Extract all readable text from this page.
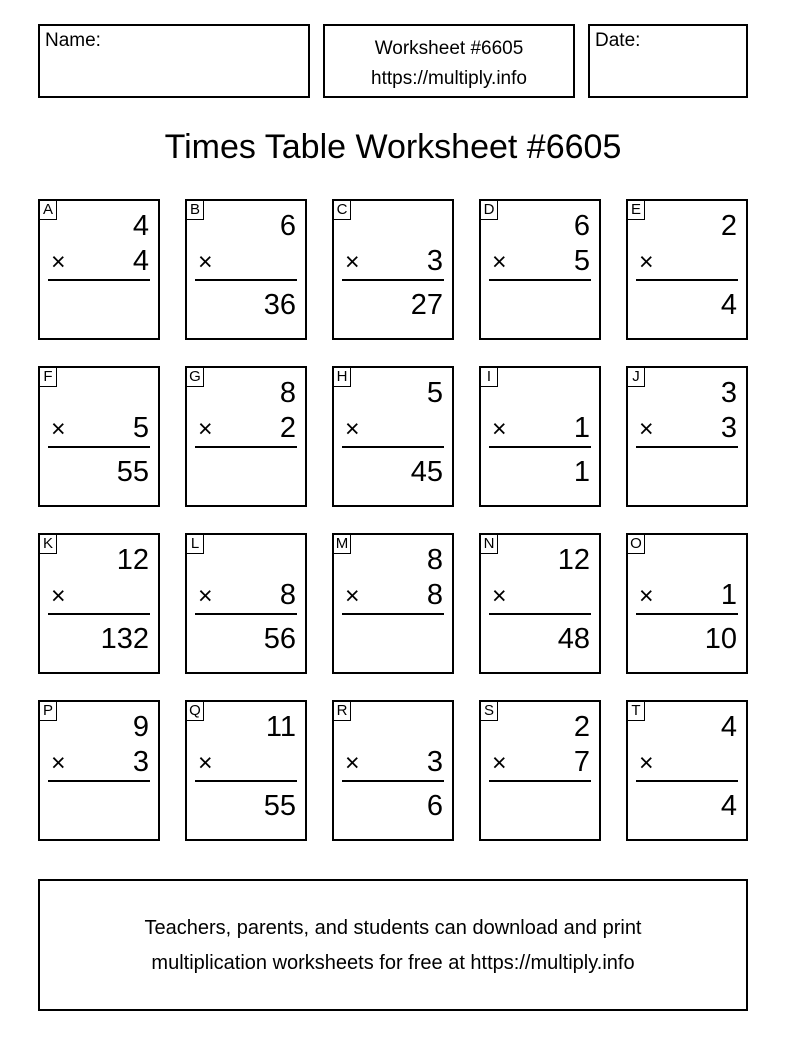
Name:	Worksheet #6605
https://multiply.info
Date:
Times Table Worksheet #6605
A
4
× 4
B
6
×
36
C
× 3
27
D
6
× 5
E
2
×
4
F
× 5
55
G
8
× 2
H
5
×
45
I
× 1
1
J
3
× 3
K
12
×
132
L
× 8
56
M
8
× 8
N
12
×
48
O
× 1
10
P
9
× 3
Q
11
×
55
R
× 3
6
S
2
× 7
T
4
×
4
Teachers, parents, and students can download and print
multiplication worksheets for free at https://multiply.info
